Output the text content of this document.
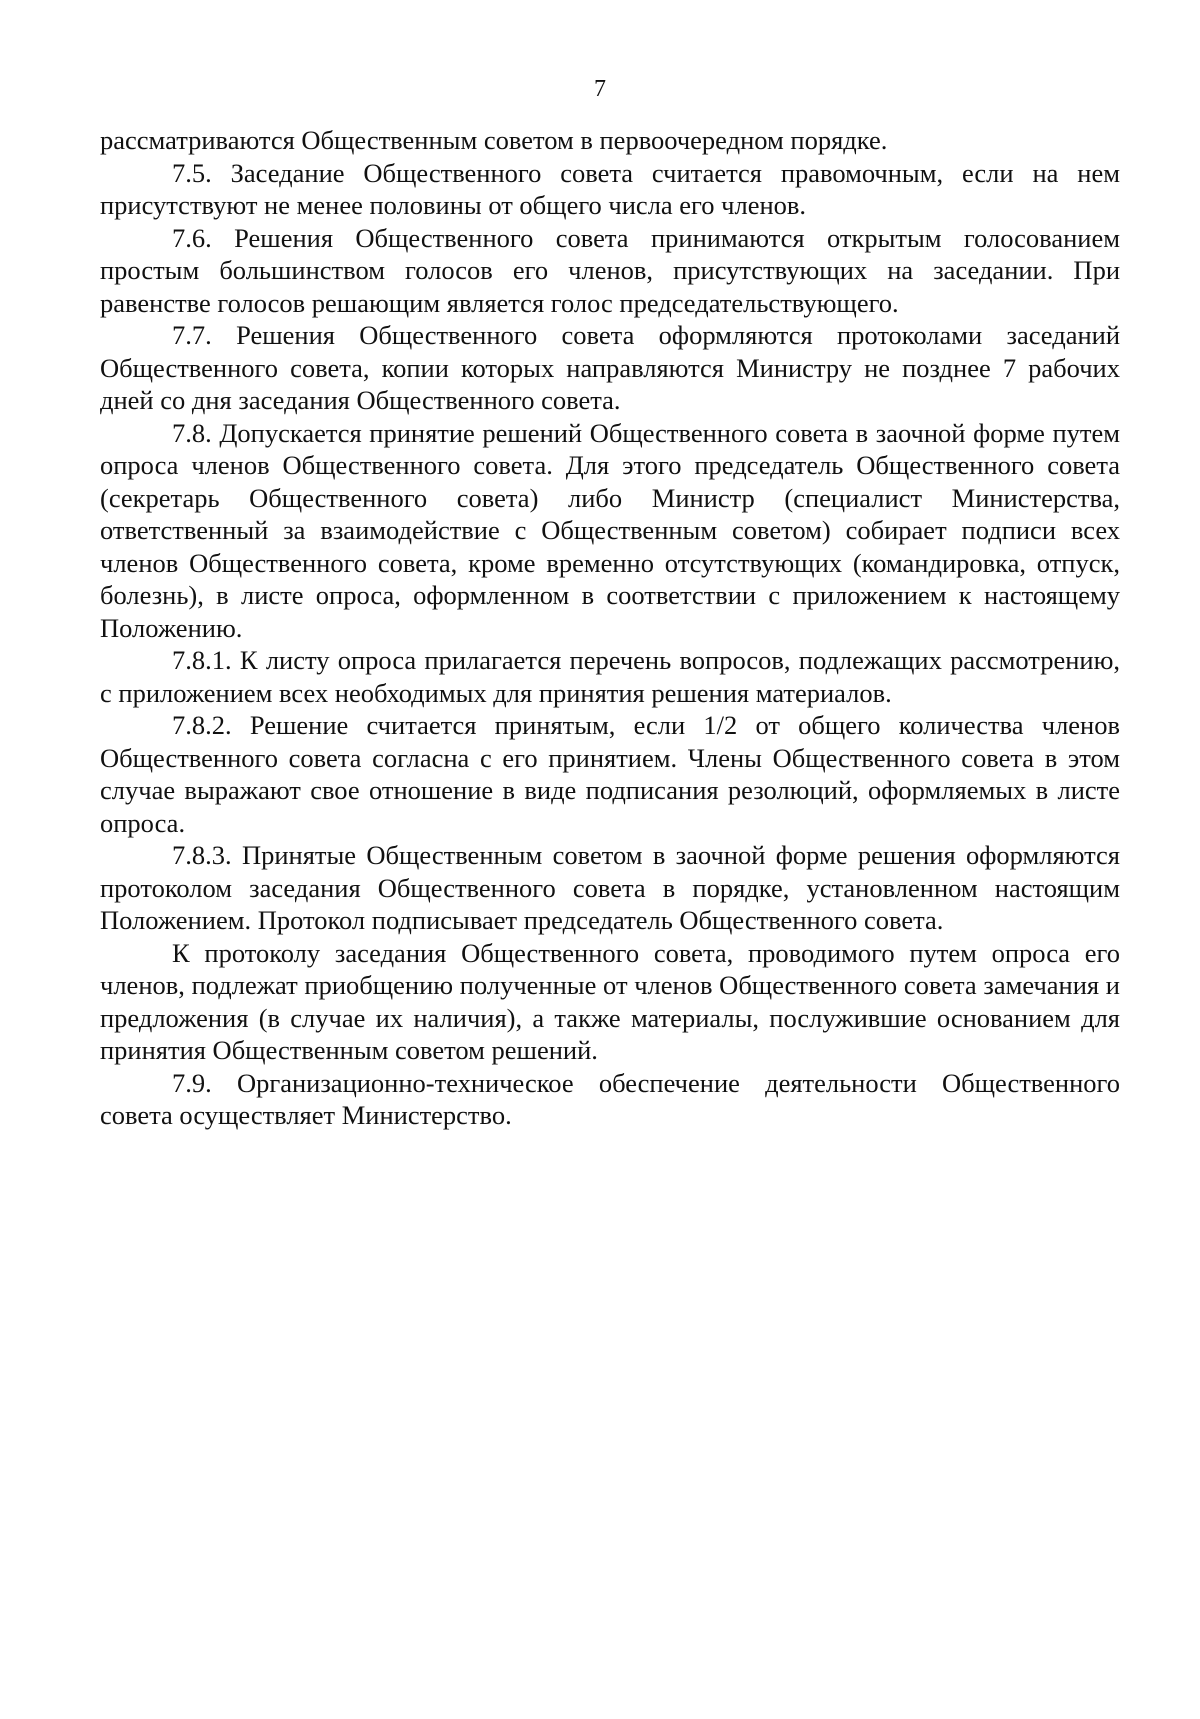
7

рассматриваются Общественным советом в первоочередном порядке.

7.5. Заседание Общественного совета считается правомочным, если на нем присутствуют не менее половины от общего числа его членов.

7.6. Решения Общественного совета принимаются открытым голосованием простым большинством голосов его членов, присутствующих на заседании. При равенстве голосов решающим является голос председательствующего.

7.7. Решения Общественного совета оформляются протоколами заседаний Общественного совета, копии которых направляются Министру не позднее 7 рабочих дней со дня заседания Общественного совета.

7.8. Допускается принятие решений Общественного совета в заочной форме путем опроса членов Общественного совета. Для этого председатель Общественного совета (секретарь Общественного совета) либо Министр (специалист Министерства, ответственный за взаимодействие с Общественным советом) собирает подписи всех членов Общественного совета, кроме временно отсутствующих (командировка, отпуск, болезнь), в листе опроса, оформленном в соответствии с приложением к настоящему Положению.

7.8.1. К листу опроса прилагается перечень вопросов, подлежащих рассмотрению, с приложением всех необходимых для принятия решения материалов.

7.8.2. Решение считается принятым, если 1/2 от общего количества членов Общественного совета согласна с его принятием. Члены Общественного совета в этом случае выражают свое отношение в виде подписания резолюций, оформляемых в листе опроса.

7.8.3. Принятые Общественным советом в заочной форме решения оформляются протоколом заседания Общественного совета в порядке, установленном настоящим Положением. Протокол подписывает председатель Общественного совета.

К протоколу заседания Общественного совета, проводимого путем опроса его членов, подлежат приобщению полученные от членов Общественного совета замечания и предложения (в случае их наличия), а также материалы, послужившие основанием для принятия Общественным советом решений.

7.9. Организационно-техническое обеспечение деятельности Общественного совета осуществляет Министерство.
